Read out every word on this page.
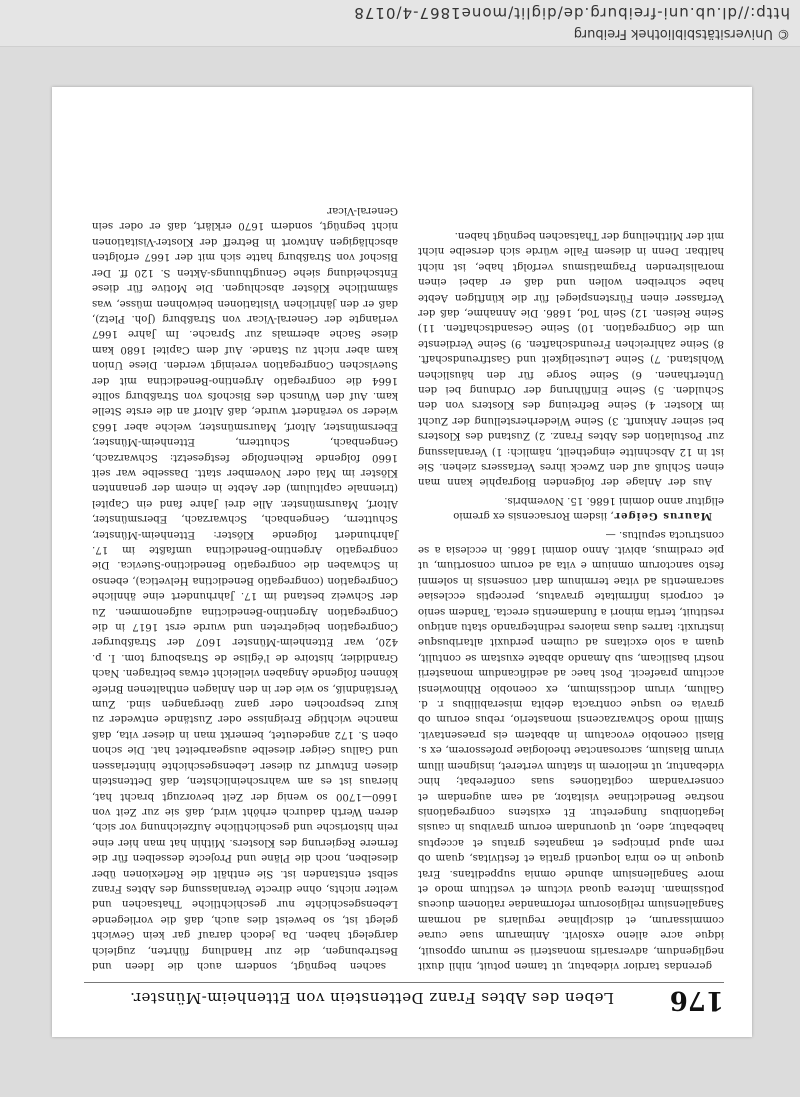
© Universitätsbibliothek Freiburg
http://dl.ub.uni-freiburg.de/diglit/mone1867-4/0178
176
Leben des Abtes Franz Dettenstein von Ettenheim-Münster.

gerendas tardior videbatur, ut tamen potuit, nihil duxit negligendum, adversariis monasterii se murum opposuit, idque acre alieno exsolvit. Animarum suae curae commissarum, et disciplinae regularis ad normam Sangallensium religiosorum reformandae rationem duceus potissimam. Interea quoad victum et vestitum modo et more Sangallensium abunde omnia suppeditans. Erat quoque in eo mira loquendi gratia et festivitas, quam ob rem apud principes et magnates gratus et acceptus habebatur, adeo, ut quorundam eorum gravibus in causis legationibus fungeretur. Et existens congregationis nostrae Benedictinae visitator, ad eam augendam et conservandam cogitationes suas conferebat; hinc videbantur, ut meliorem in statum verteret, insignem illum virum Blasium, sacrosanctae theologiae professorem, ex s. Blasii coenobio evocatum in abbatem eis praesentavit. Simili modo Schwarzacensi monasterio, rebus eorum ob gravia eo usque contracta debita miserabilibus r. d. Gallum, virum doctissimum, ex coenobio Rhinowiensi accitum praefecit. Post haec ad aedificandum monasterii nostri basilicam, sub Amando abbate exustam se contulit, quam a solo excitans ad culmen perduxit altaribusque instruxit: tarres duas maiores redintegrando statu antiquo restituit, tertia minori a fundamentis erecta. Tandem senio et corporis infirmitate gravatus, perceptis ecclesiae sacramentis ad vitae terminum dari consensis in solemni festo sanctorum omnium e vita ad eorum consortium, ut pie credimus, abivit. Anno domini 1686. in ecclesia a se constructa sepultus. —

Maurus Geiger, iisdem Rorsacensis ex gremio eligitur anno domini 1686. 15. Novembris.

Aus der Anlage der folgenden Biographie kann man einen Schluß auf den Zweck ihres Verfassers ziehen. Sie ist in 12 Abschnitte eingetheilt, nämlich: 1) Veranlassung zur Postulation des Abtes Franz. 2) Zustand des Klosters bei seiner Ankunft. 3) Seine Wiederherstellung der Zucht im Kloster. 4) Seine Befreiung des Klosters von den Schulden. 5) Seine Einführung der Ordnung bei den Unterthanen. 6) Seine Sorge für den häuslichen Wohlstand. 7) Seine Leutseligkeit und Gastfreundschaft. 8) Seine zahlreichen Freundschaften. 9) Seine Verdienste um die Congregation. 10) Seine Gesandtschaften. 11) Seine Reisen. 12) Sein Tod, 1686. Die Annahme, daß der Verfasser einen Fürstenspiegel für die künftigen Aebte habe schreiben wollen und daß er dabei einen moralisirenden Pragmatismus verfolgt habe, ist nicht haltbar. Denn in diesem Falle würde sich derselbe nicht mit der Mittheilung der Thatsachen begnügt haben.

sachen begnügt, sondern auch die Ideen und Bestrebungen, die zur Handlung führten, zugleich dargelegt haben. Da jedoch darauf gar kein Gewicht gelegt ist, so beweist dies auch, daß die vorliegende Lebensgeschichte nur geschichtliche Thatsachen und weiter nichts, ohne directe Veranlassung des Abtes Franz selbst entstanden ist. Sie enthält die Reflexionen über dieselben, noch die Pläne und Projecte desselben für die fernere Regierung des Klosters. Mithin hat man hier eine rein historische und geschichtliche Aufzeichnung vor sich, deren Werth dadurch erhöht wird, daß sie zur Zeit von 1660—1700 so wenig der Zeit bevorzugt bracht hat, hieraus ist es am wahrscheinlichsten, daß Dettenstein diesen Entwurf zu dieser Lebensgeschichte hinterlassen und Gallus Geiger dieselbe ausgearbeitet hat. Die schon oben S. 172 angedeutet, bemerkt man in dieser vita, daß manche wichtige Ereignisse oder Zustände entweder zu kurz besprochen oder ganz übergangen sind. Zum Verständniß, so wie der in den Anlagen enthaltenen Briefe können folgende Angaben vielleicht etwas beitragen. Nach Grandidier, histoire de l'église de Strasbourg tom. I. p. 420, war Ettenheim-Münster 1607 der Straßburger Congregation beigetreten und wurde erst 1617 in die Congregation Argentino-Benedictina aufgenommen. Zu der Schweiz bestand im 17. Jahrhundert eine ähnliche Congregation (congregatio Benedictina Helvetica), ebenso in Schwaben die congregatio Benedictino-Suevica. Die congregatio Argentino-Benedictina umfaßte im 17. Jahrhundert folgende Klöster: Ettenheim-Münster, Schuttern, Gengenbach, Schwarzach, Ebersmünster, Altorf, Maursmünster. Alle drei Jahre fand ein Capitel (triennale capitulum) der Aebte in einem der genannten Klöster im Mai oder November statt. Dasselbe war seit 1660 folgende Reihenfolge festgesetzt: Schwarzach, Gengenbach, Schuttern, Ettenheim-Münster, Ebersmünster, Altorf, Maursmünster, welche aber 1663 wieder so verändert wurde, daß Altorf an die erste Stelle kam. Auf den Wunsch des Bischofs von Straßburg sollte 1664 die congregatio Argentino-Benedictina mit der Suevischen Congregation vereinigt werden. Diese Union kam aber nicht zu Stande. Auf dem Capitel 1680 kam diese Sache abermals zur Sprache. Im Jahre 1667 verlangte der General-Vicar von Straßburg (Joh. Pletz), daß er den jährlichen Visitationen beiwohnen müsse, was sämmtliche Klöster abschlugen. Die Motive für diese Entscheidung siehe Genugthuungs-Akten S. 120 ff. Der Bischof von Straßburg hatte sich mit der 1667 erfolgten abschlägigen Antwort in Betreff der Kloster-Visitationen nicht begnügt, sondern 1670 erklärt, daß er oder sein General-Vicar
